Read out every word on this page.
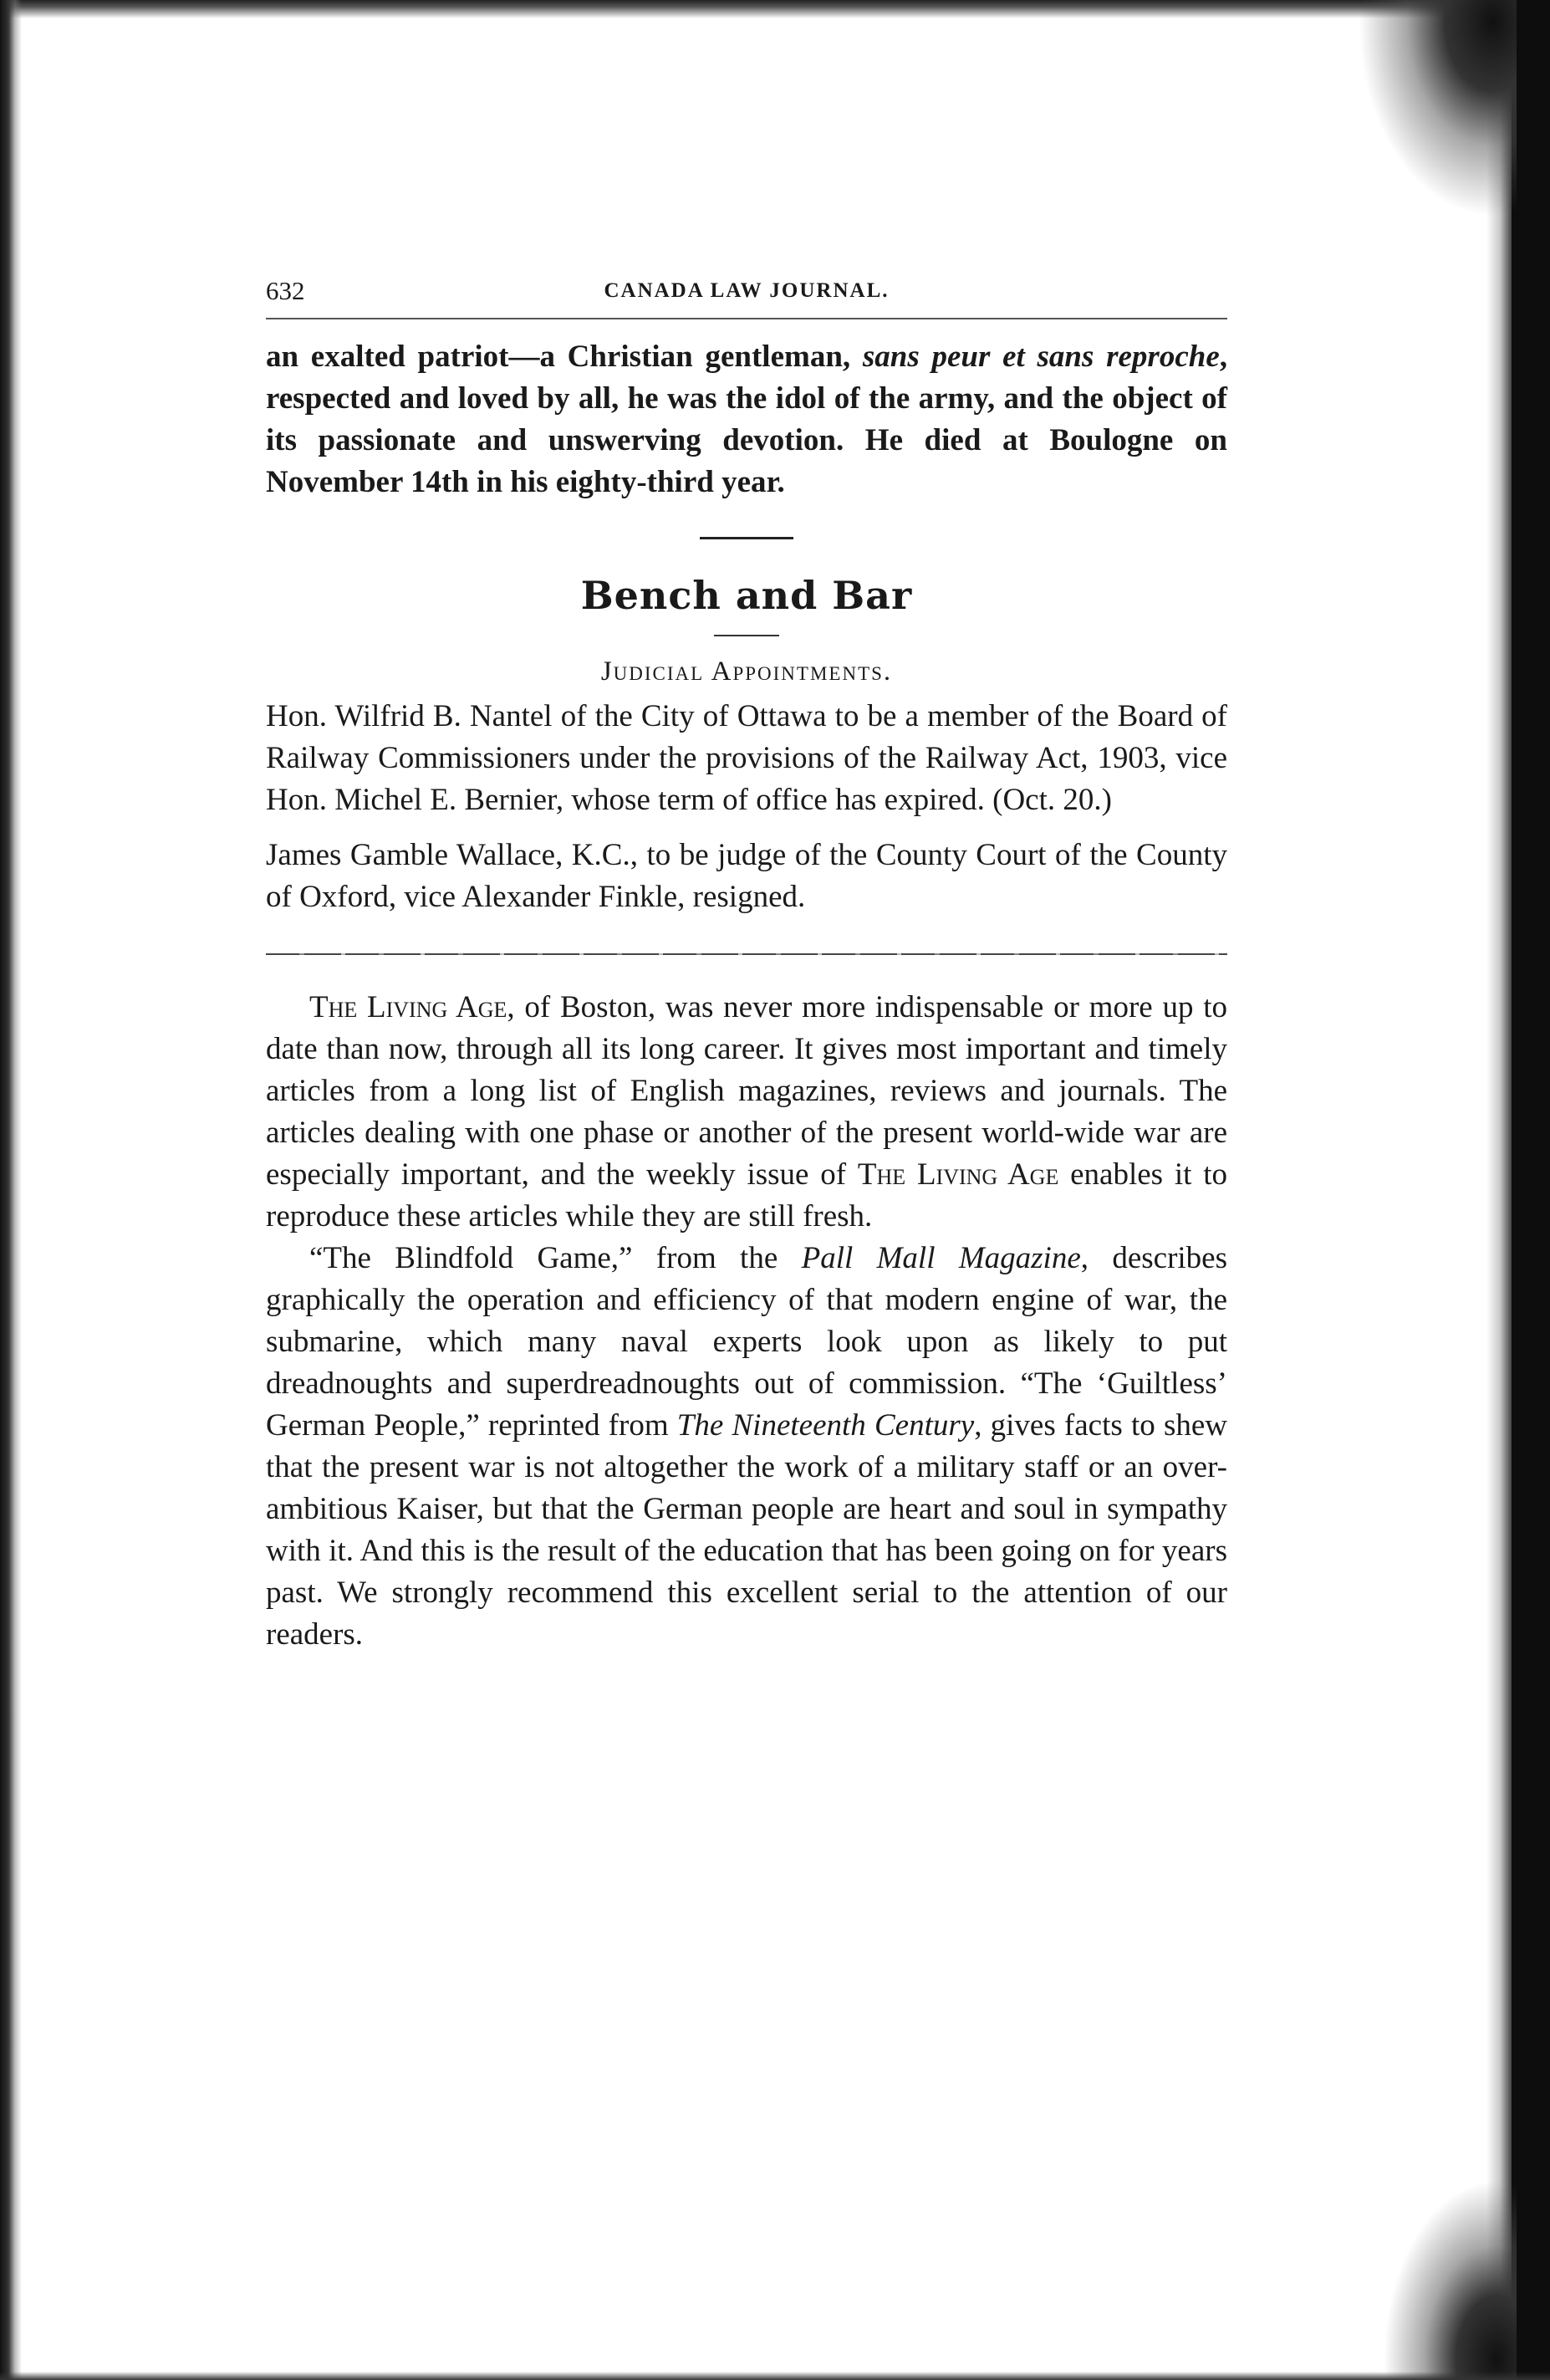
632	CANADA LAW JOURNAL.

an exalted patriot—a Christian gentleman, sans peur et sans reproche, respected and loved by all, he was the idol of the army, and the object of its passionate and unswerving devotion. He died at Boulogne on November 14th in his eighty-third year.

Bench and Bar
Judicial Appointments.

Hon. Wilfrid B. Nantel of the City of Ottawa to be a member of the Board of Railway Commissioners under the provisions of the Railway Act, 1903, vice Hon. Michel E. Bernier, whose term of office has expired. (Oct. 20.)

James Gamble Wallace, K.C., to be judge of the County Court of the County of Oxford, vice Alexander Finkle, resigned.

The Living Age, of Boston, was never more indispensable or more up to date than now, through all its long career. It gives most important and timely articles from a long list of English magazines, reviews and journals. The articles dealing with one phase or another of the present world-wide war are especially important, and the weekly issue of The Living Age enables it to reproduce these articles while they are still fresh.

“The Blindfold Game,” from the Pall Mall Magazine, describes graphically the operation and efficiency of that modern engine of war, the submarine, which many naval experts look upon as likely to put dreadnoughts and superdreadnoughts out of commission. “The ‘Guiltless’ German People,” reprinted from The Nineteenth Century, gives facts to shew that the present war is not altogether the work of a military staff or an over-ambitious Kaiser, but that the German people are heart and soul in sympathy with it. And this is the result of the education that has been going on for years past. We strongly recommend this excellent serial to the attention of our readers.
